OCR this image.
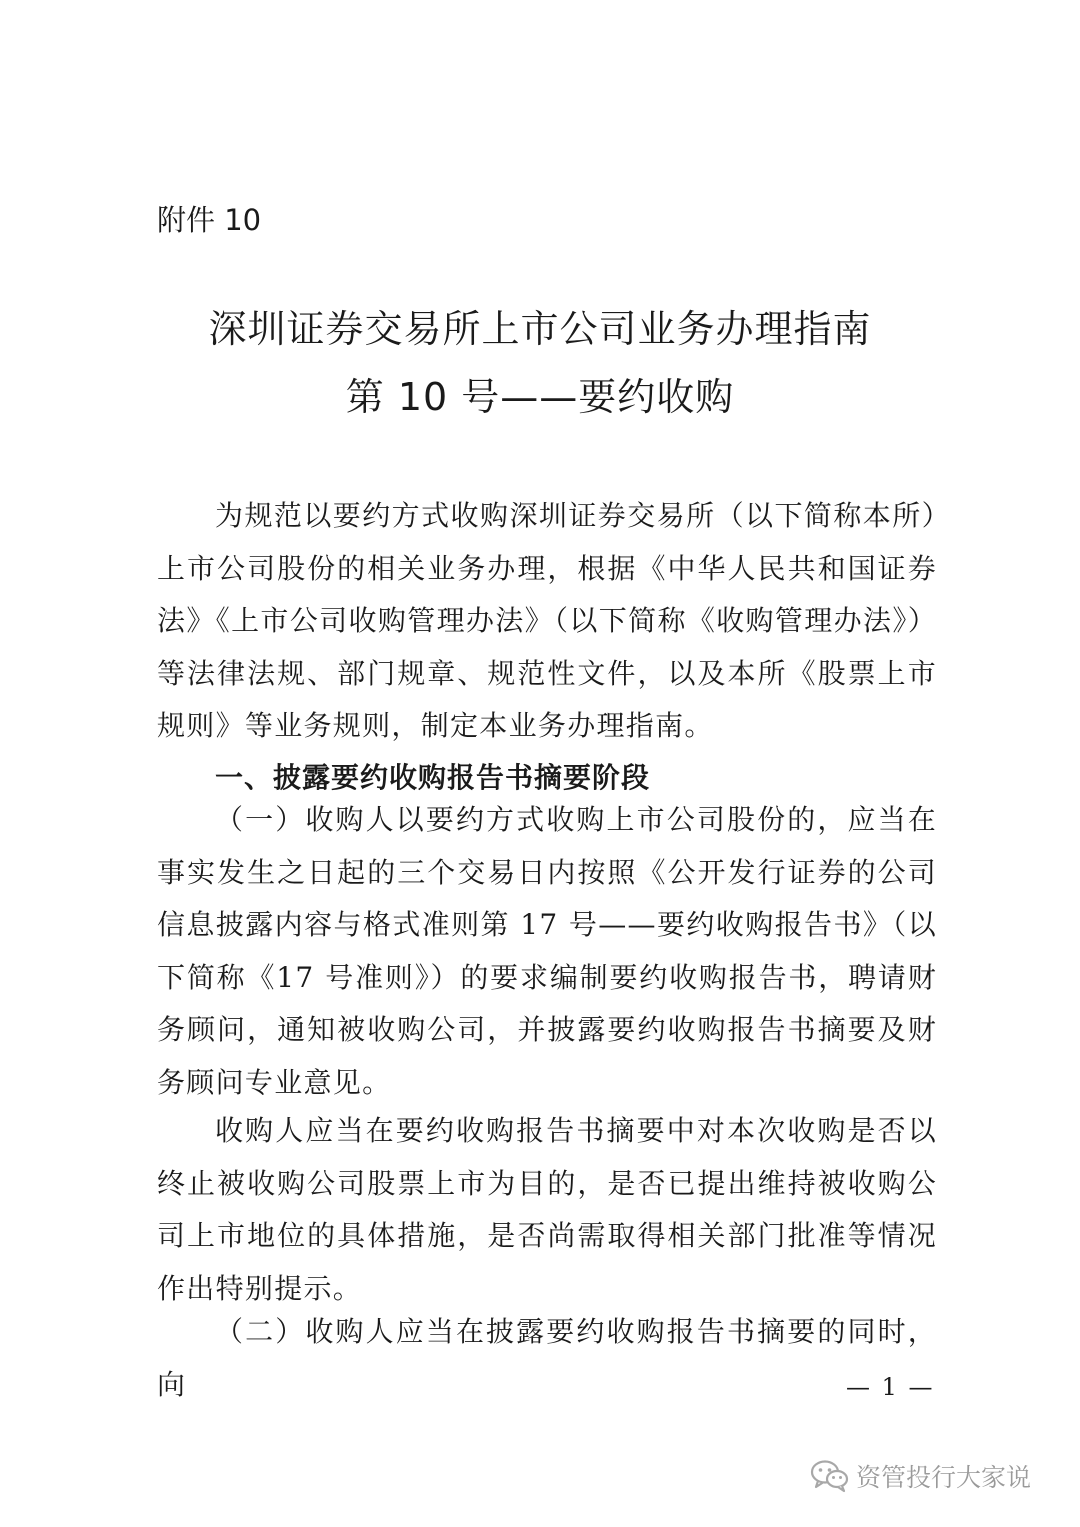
附件 10
深圳证券交易所上市公司业务办理指南
第 10 号——要约收购

为规范以要约方式收购深圳证券交易所（以下简称本所）上市公司股份的相关业务办理，根据《中华人民共和国证券法》《上市公司收购管理办法》（以下简称《收购管理办法》）等法律法规、部门规章、规范性文件，以及本所《股票上市规则》等业务规则，制定本业务办理指南。

一、披露要约收购报告书摘要阶段

（一）收购人以要约方式收购上市公司股份的，应当在事实发生之日起的三个交易日内按照《公开发行证券的公司信息披露内容与格式准则第 17 号——要约收购报告书》（以下简称《17 号准则》）的要求编制要约收购报告书，聘请财务顾问，通知被收购公司，并披露要约收购报告书摘要及财务顾问专业意见。

收购人应当在要约收购报告书摘要中对本次收购是否以终止被收购公司股票上市为目的，是否已提出维持被收购公司上市地位的具体措施，是否尚需取得相关部门批准等情况作出特别提示。

（二）收购人应当在披露要约收购报告书摘要的同时，向	— 1 —
资管投行大家说
